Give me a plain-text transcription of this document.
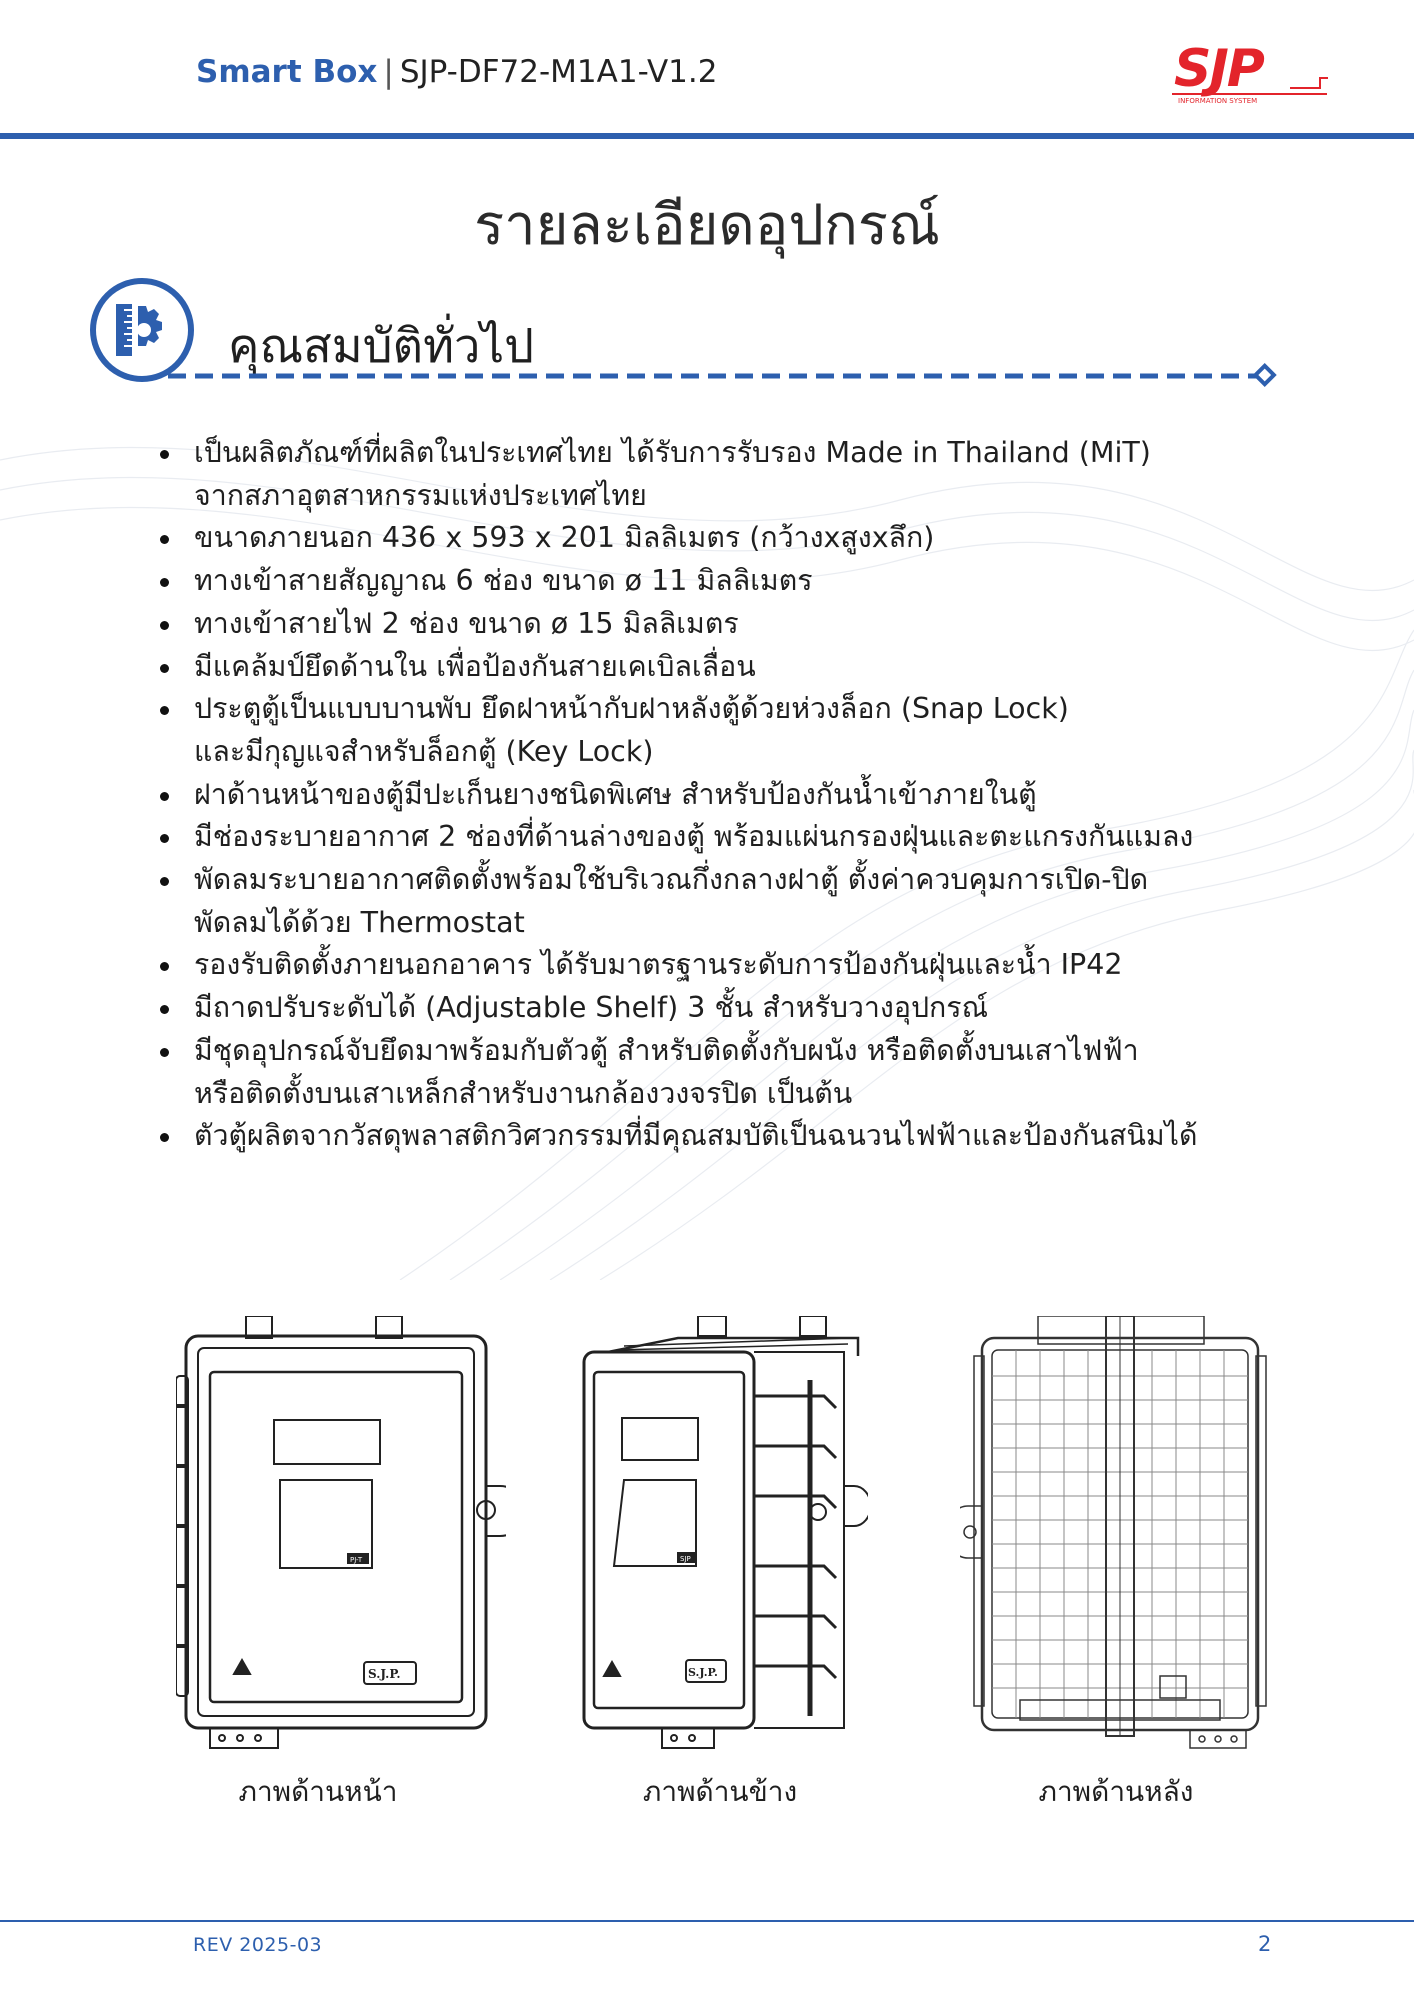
Smart Box | SJP-DF72-M1A1-V1.2	SJP
INFORMATION SYSTEM
รายละเอียดอุปกรณ์
คุณสมบัติทั่วไป
เป็นผลิตภัณฑ์ที่ผลิตในประเทศไทย ได้รับการรับรอง Made in Thailand (MiT)
จากสภาอุตสาหกรรมแห่งประเทศไทย
ขนาดภายนอก 436 x 593 x 201 มิลลิเมตร (กว้างxสูงxลึก)
ทางเข้าสายสัญญาณ 6 ช่อง ขนาด ø 11 มิลลิเมตร
ทางเข้าสายไฟ 2 ช่อง ขนาด ø 15 มิลลิเมตร
มีแคล้มป์ยึดด้านใน เพื่อป้องกันสายเคเบิลเลื่อน
ประตูตู้เป็นแบบบานพับ ยึดฝาหน้ากับฝาหลังตู้ด้วยห่วงล็อก (Snap Lock)
และมีกุญแจสำหรับล็อกตู้ (Key Lock)
ฝาด้านหน้าของตู้มีปะเก็นยางชนิดพิเศษ สำหรับป้องกันน้ำเข้าภายในตู้
มีช่องระบายอากาศ 2 ช่องที่ด้านล่างของตู้ พร้อมแผ่นกรองฝุ่นและตะแกรงกันแมลง
พัดลมระบายอากาศติดตั้งพร้อมใช้บริเวณกึ่งกลางฝาตู้ ตั้งค่าควบคุมการเปิด-ปิด
พัดลมได้ด้วย Thermostat
รองรับติดตั้งภายนอกอาคาร ได้รับมาตรฐานระดับการป้องกันฝุ่นและน้ำ IP42
มีถาดปรับระดับได้ (Adjustable Shelf) 3 ชั้น สำหรับวางอุปกรณ์
มีชุดอุปกรณ์จับยึดมาพร้อมกับตัวตู้ สำหรับติดตั้งกับผนัง หรือติดตั้งบนเสาไฟฟ้า
หรือติดตั้งบนเสาเหล็กสำหรับงานกล้องวงจรปิด เป็นต้น
ตัวตู้ผลิตจากวัสดุพลาสติกวิศวกรรมที่มีคุณสมบัติเป็นฉนวนไฟฟ้าและป้องกันสนิมได้
PJ-T
S.J.P.
SJP
S.J.P.
ภาพด้านหน้า	ภาพด้านข้าง	ภาพด้านหลัง
REV 2025-03	2
